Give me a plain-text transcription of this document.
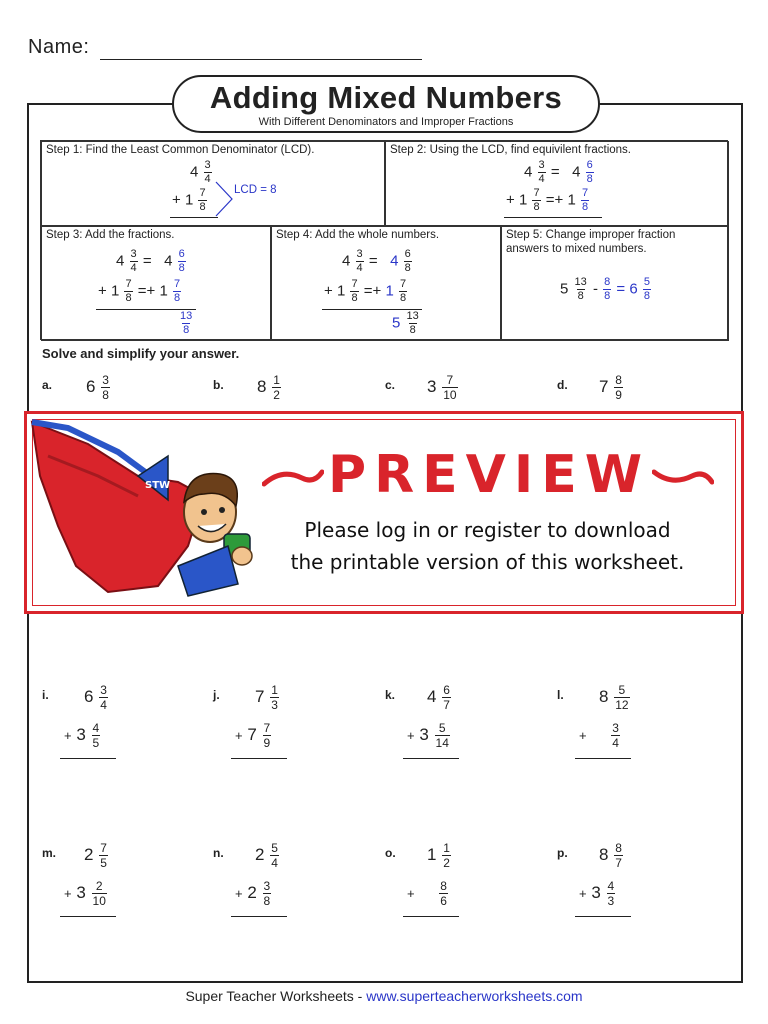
Name:
Adding Mixed Numbers
With Different Denominators and Improper Fractions
Step 1: Find the Least Common Denominator (LCD).
$4 \frac{3}{4}$
+ $1 \frac{7}{8}$ LCD = 8
Step 2: Using the LCD, find equivilent fractions.
$4 \frac{3}{4} = 4 \frac{6}{8}$
+ $1 \frac{7}{8} =+ 1 \frac{7}{8}$
Step 3: Add the fractions.
$4 \frac{3}{4} = 4 \frac{6}{8}$
+ $1 \frac{7}{8} =+ 1 \frac{7}{8}$
$\frac{13}{8}$
Step 4: Add the whole numbers.
$4 \frac{3}{4} = 4 \frac{6}{8}$
+ $1 \frac{7}{8} =+ 1 \frac{7}{8}$
$5 \frac{13}{8}$
Step 5: Change improper fraction
answers to mixed numbers.
$5 \frac{13}{8} - \frac{8}{8} = 6 \frac{5}{8}$
Solve and simplify your answer.
a. $6 \frac{3}{8}$	b. $8 \frac{1}{2}$	c. $3 \frac{7}{10}$	d. $7 \frac{8}{9}$
STW	PREVIEW
Please log in or register to download
the printable version of this worksheet.
i. $6 \frac{3}{4}$
+ $3 \frac{4}{5}$
j. $7 \frac{1}{3}$
+ $7 \frac{7}{9}$
k. $4 \frac{6}{7}$
+ $3 \frac{5}{14}$
l. $8 \frac{5}{12}$
+ $\frac{3}{4}$
m. $2 \frac{7}{5}$
+ $3 \frac{2}{10}$
n. $2 \frac{5}{4}$
+ $2 \frac{3}{8}$
o. $1 \frac{1}{2}$
+ $\frac{8}{6}$
p. $8 \frac{8}{7}$
+ $3 \frac{4}{3}$
Super Teacher Worksheets - www.superteacherworksheets.com
